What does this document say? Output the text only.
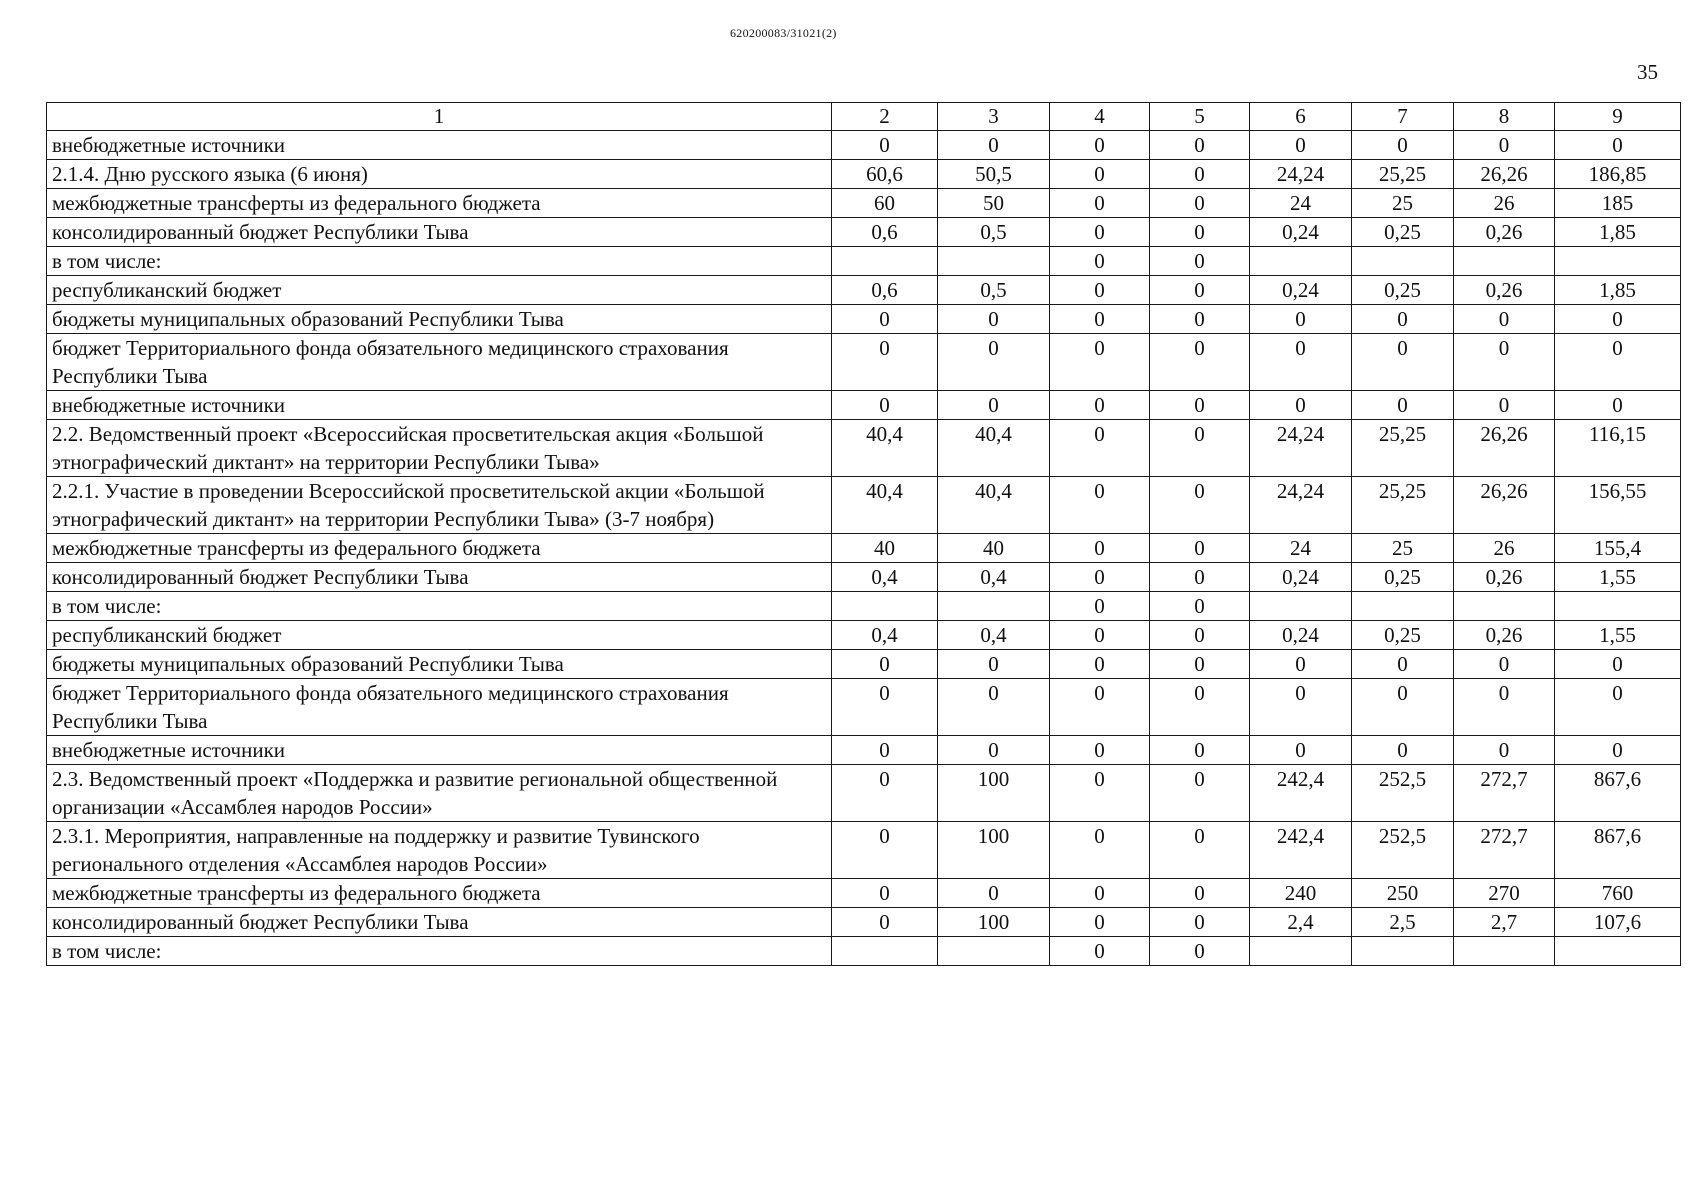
620200083/31021(2)
35
1	2	3	4	5	6	7	8	9
внебюджетные источники	0	0	0	0	0	0	0	0
2.1.4. Дню русского языка (6 июня)	60,6	50,5	0	0	24,24	25,25	26,26	186,85
межбюджетные трансферты из федерального бюджета	60	50	0	0	24	25	26	185
консолидированный бюджет Республики Тыва	0,6	0,5	0	0	0,24	0,25	0,26	1,85
в том числе:			0	0				
республиканский бюджет	0,6	0,5	0	0	0,24	0,25	0,26	1,85
бюджеты муниципальных образований Республики Тыва	0	0	0	0	0	0	0	0
бюджет Территориального фонда обязательного медицинского страхования Республики Тыва	0	0	0	0	0	0	0	0
внебюджетные источники	0	0	0	0	0	0	0	0
2.2. Ведомственный проект «Всероссийская просветительская акция «Большой этнографический диктант» на территории Республики Тыва»	40,4	40,4	0	0	24,24	25,25	26,26	116,15
2.2.1. Участие в проведении Всероссийской просветительской акции «Большой этнографический диктант» на территории Республики Тыва» (3-7 ноября)	40,4	40,4	0	0	24,24	25,25	26,26	156,55
межбюджетные трансферты из федерального бюджета	40	40	0	0	24	25	26	155,4
консолидированный бюджет Республики Тыва	0,4	0,4	0	0	0,24	0,25	0,26	1,55
в том числе:			0	0				
республиканский бюджет	0,4	0,4	0	0	0,24	0,25	0,26	1,55
бюджеты муниципальных образований Республики Тыва	0	0	0	0	0	0	0	0
бюджет Территориального фонда обязательного медицинского страхования Республики Тыва	0	0	0	0	0	0	0	0
внебюджетные источники	0	0	0	0	0	0	0	0
2.3. Ведомственный проект «Поддержка и развитие региональной общественной организации «Ассамблея народов России»	0	100	0	0	242,4	252,5	272,7	867,6
2.3.1. Мероприятия, направленные на поддержку и развитие Тувинского регионального отделения «Ассамблея народов России»	0	100	0	0	242,4	252,5	272,7	867,6
межбюджетные трансферты из федерального бюджета	0	0	0	0	240	250	270	760
консолидированный бюджет Республики Тыва	0	100	0	0	2,4	2,5	2,7	107,6
в том числе:			0	0				
